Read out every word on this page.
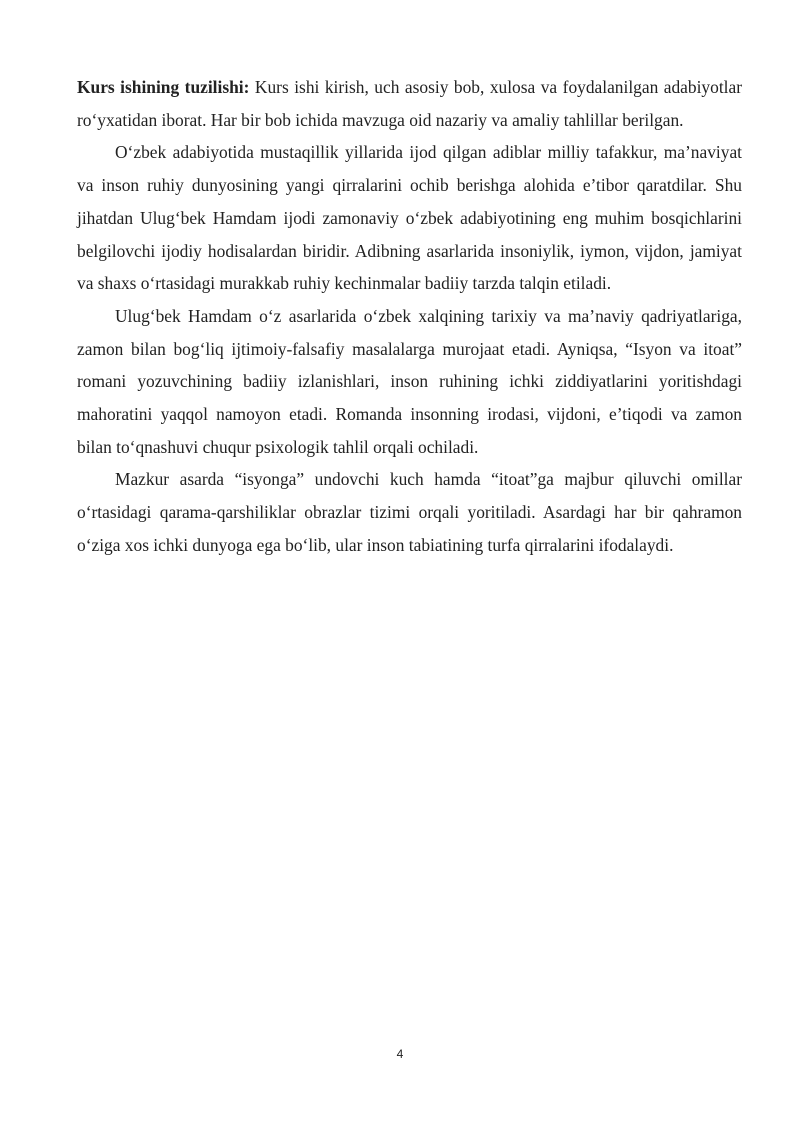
Kurs ishining tuzilishi: Kurs ishi kirish, uch asosiy bob, xulosa va foydalanilgan adabiyotlar ro‘yxatidan iborat. Har bir bob ichida mavzuga oid nazariy va amaliy tahlillar berilgan.

O‘zbek adabiyotida mustaqillik yillarida ijod qilgan adiblar milliy tafakkur, ma’naviyat va inson ruhiy dunyosining yangi qirralarini ochib berishga alohida e’tibor qaratdilar. Shu jihatdan Ulug‘bek Hamdam ijodi zamonaviy o‘zbek adabiyotining eng muhim bosqichlarini belgilovchi ijodiy hodisalardan biridir. Adibning asarlarida insoniylik, iymon, vijdon, jamiyat va shaxs o‘rtasidagi murakkab ruhiy kechinmalar badiiy tarzda talqin etiladi.

Ulug‘bek Hamdam o‘z asarlarida o‘zbek xalqining tarixiy va ma’naviy qadriyatlariga, zamon bilan bog‘liq ijtimoiy-falsafiy masalalarga murojaat etadi. Ayniqsa, “Isyon va itoat” romani yozuvchining badiiy izlanishlari, inson ruhining ichki ziddiyatlarini yoritishdagi mahoratini yaqqol namoyon etadi. Romanda insonning irodasi, vijdoni, e’tiqodi va zamon bilan to‘qnashuvi chuqur psixologik tahlil orqali ochiladi.

Mazkur asarda “isyonga” undovchi kuch hamda “itoat”ga majbur qiluvchi omillar o‘rtasidagi qarama-qarshiliklar obrazlar tizimi orqali yoritiladi. Asardagi har bir qahramon o‘ziga xos ichki dunyoga ega bo‘lib, ular inson tabiatining turfa qirralarini ifodalaydi.

4
